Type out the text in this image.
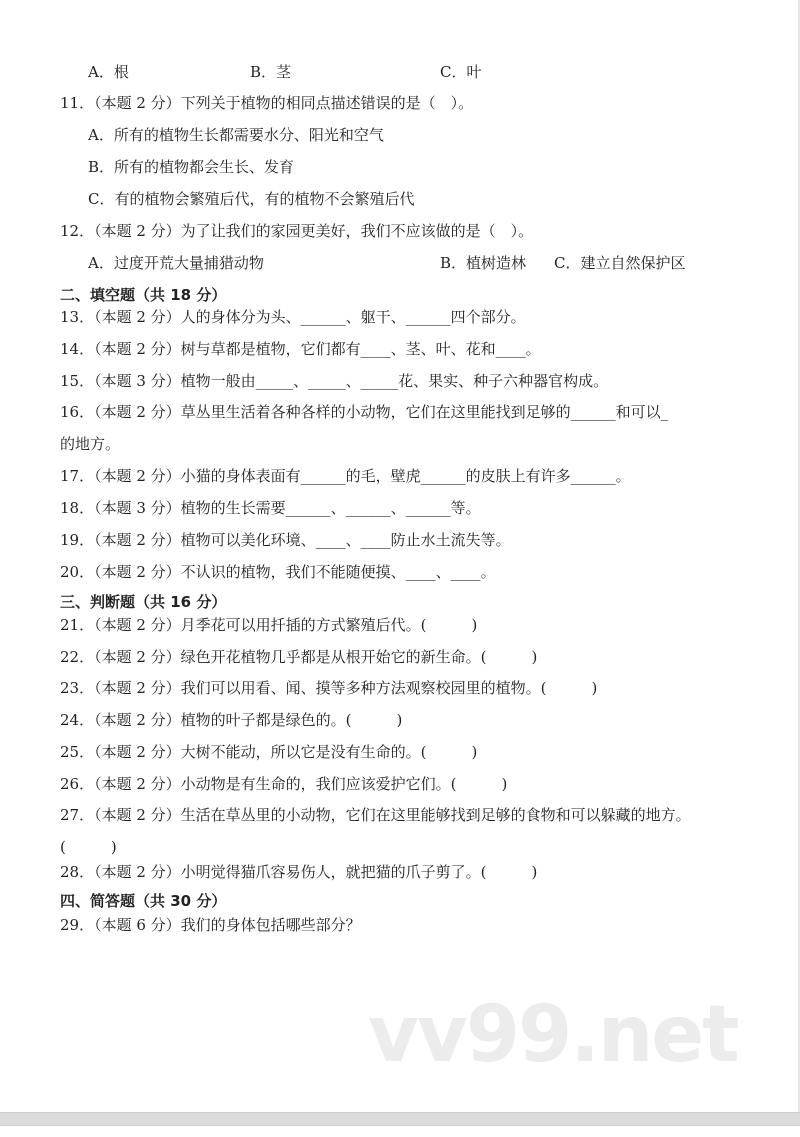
A．根	B．茎	C．叶
11．（本题 2 分）下列关于植物的相同点描述错误的是（　）。
A．所有的植物生长都需要水分、阳光和空气
B．所有的植物都会生长、发育
C．有的植物会繁殖后代，有的植物不会繁殖后代
12．（本题 2 分）为了让我们的家园更美好，我们不应该做的是（　）。
A．过度开荒大量捕猎动物	B．植树造林 C．建立自然保护区
二、填空题（共 18 分）
13．（本题 2 分）人的身体分为头、______、躯干、______四个部分。
14．（本题 2 分）树与草都是植物，它们都有____、茎、叶、花和____。
15．（本题 3 分）植物一般由_____、_____、_____花、果实、种子六种器官构成。
16．（本题 2 分）草丛里生活着各种各样的小动物，它们在这里能找到足够的______和可以_
的地方。
17．（本题 2 分）小猫的身体表面有______的毛，壁虎______的皮肤上有许多______。
18．（本题 3 分）植物的生长需要______、______、______等。
19．（本题 2 分）植物可以美化环境、____、____防止水土流失等。
20．（本题 2 分）不认识的植物，我们不能随便摸、____、____。
三、判断题（共 16 分）
21．（本题 2 分）月季花可以用扦插的方式繁殖后代。(　　　)
22．（本题 2 分）绿色开花植物几乎都是从根开始它的新生命。(　　　)
23．（本题 2 分）我们可以用看、闻、摸等多种方法观察校园里的植物。(　　　)
24．（本题 2 分）植物的叶子都是绿色的。(　　　)
25．（本题 2 分）大树不能动，所以它是没有生命的。(　　　)
26．（本题 2 分）小动物是有生命的，我们应该爱护它们。(　　　)
27．（本题 2 分）生活在草丛里的小动物，它们在这里能够找到足够的食物和可以躲藏的地方。
(　　　)
28．（本题 2 分）小明觉得猫爪容易伤人，就把猫的爪子剪了。(　　　)
四、简答题（共 30 分）
29．（本题 6 分）我们的身体包括哪些部分？
vv99.net
